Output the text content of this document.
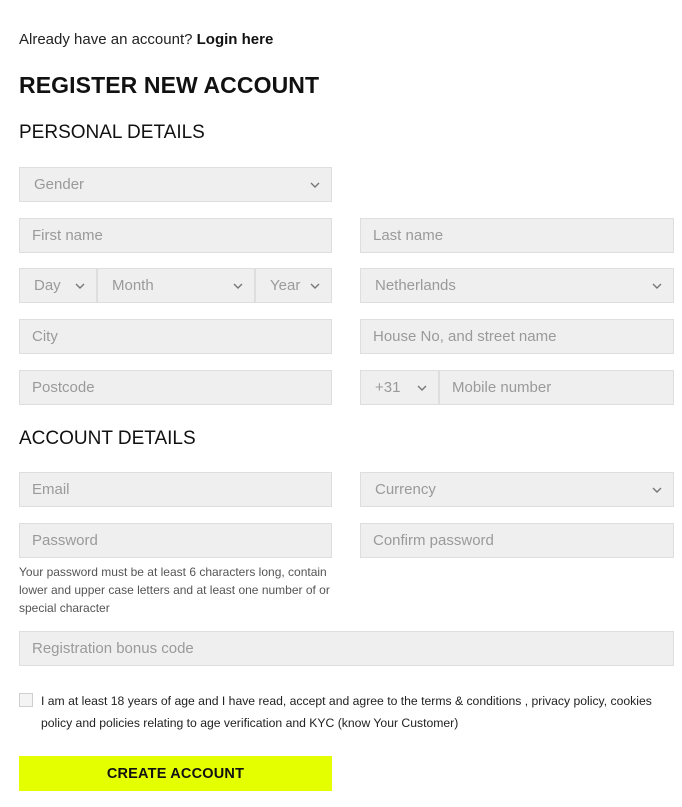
Already have an account? Login here
REGISTER NEW ACCOUNT
PERSONAL DETAILS
Gender
First name
Last name
Day	Month	Year	Netherlands
City
House No, and street name
Postcode
+31
Mobile number
ACCOUNT DETAILS
Email
Currency
Your password must be at least 6 characters long, contain lower and upper case letters and at least one number of or special character
Registration bonus code
I am at least 18 years of age and I have read, accept and agree to the terms & conditions , privacy policy, cookies policy and policies relating to age verification and KYC (know Your Customer)
CREATE ACCOUNT
